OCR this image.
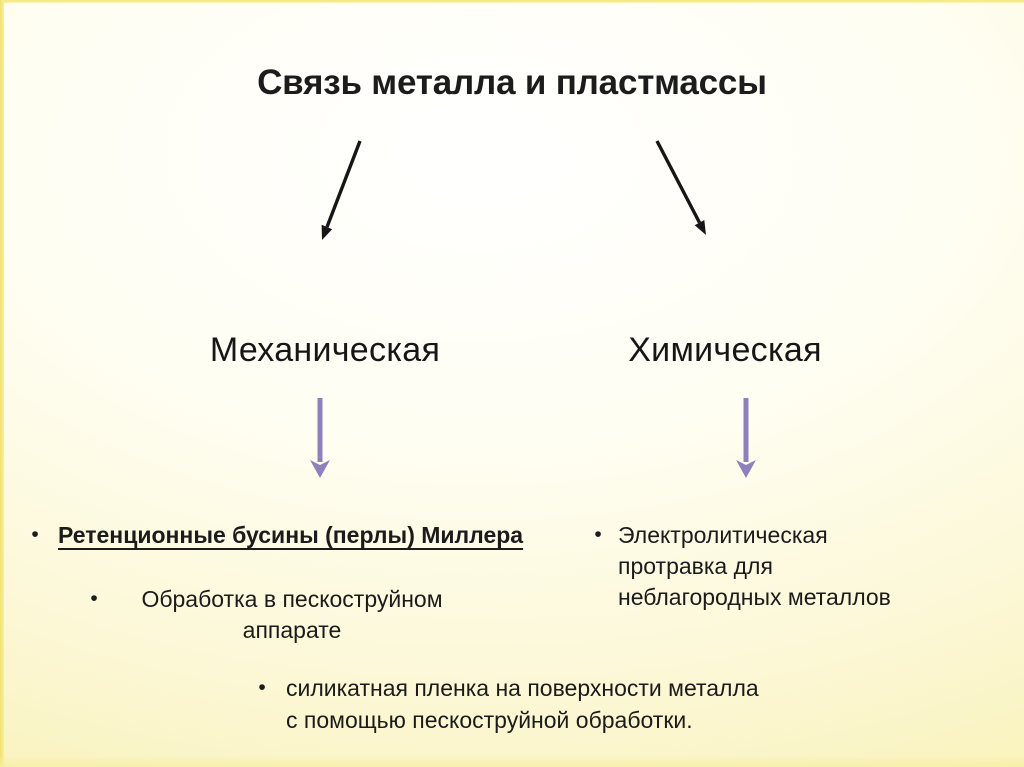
Связь металла и пластмассы
Механическая	Химическая
• Ретенционные бусины (перлы) Миллера
•	Обработка в пескоструйном
аппарате
• Электролитическая
протравка для
неблагородных металлов
• силикатная пленка на поверхности металла
с помощью пескоструйной обработки.
